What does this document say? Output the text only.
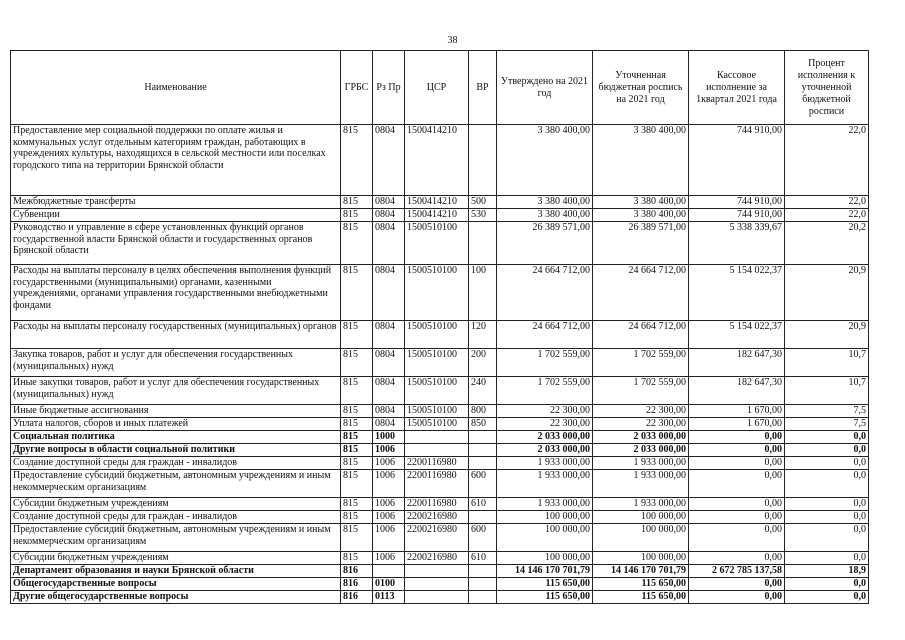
38
Наименование	ГРБС	Рз Пр	ЦСР	ВР	Утверждено на 2021 год	Уточненная бюджетная роспись на 2021 год	Кассовое исполнение за 1квартал 2021 года	Процент исполнения к уточненной бюджетной росписи
Предоставление мер социальной поддержки по оплате жилья и коммунальных услуг отдельным категориям граждан, работающих в учреждениях культуры, находящихся в сельской местности или поселках городского типа на территории Брянской области	815	0804	1500414210		3 380 400,00	3 380 400,00	744 910,00	22,0
Межбюджетные трансферты	815	0804	1500414210	500	3 380 400,00	3 380 400,00	744 910,00	22,0
Субвенции	815	0804	1500414210	530	3 380 400,00	3 380 400,00	744 910,00	22,0
Руководство и управление в сфере установленных функций органов государственной власти Брянской области и государственных органов Брянской области	815	0804	1500510100		26 389 571,00	26 389 571,00	5 338 339,67	20,2
Расходы на выплаты персоналу в целях обеспечения выполнения функций государственными (муниципальными) органами, казенными учреждениями, органами управления государственными внебюджетными фондами	815	0804	1500510100	100	24 664 712,00	24 664 712,00	5 154 022,37	20,9
Расходы на выплаты персоналу государственных (муниципальных) органов	815	0804	1500510100	120	24 664 712,00	24 664 712,00	5 154 022,37	20,9
Закупка товаров, работ и услуг для обеспечения государственных (муниципальных) нужд	815	0804	1500510100	200	1 702 559,00	1 702 559,00	182 647,30	10,7
Иные закупки товаров, работ и услуг для обеспечения государственных (муниципальных) нужд	815	0804	1500510100	240	1 702 559,00	1 702 559,00	182 647,30	10,7
Иные бюджетные ассигнования	815	0804	1500510100	800	22 300,00	22 300,00	1 670,00	7,5
Уплата налогов, сборов и иных платежей	815	0804	1500510100	850	22 300,00	22 300,00	1 670,00	7,5
Социальная политика	815	1000			2 033 000,00	2 033 000,00	0,00	0,0
Другие вопросы в области социальной политики	815	1006			2 033 000,00	2 033 000,00	0,00	0,0
Создание доступной среды для граждан - инвалидов	815	1006	2200116980		1 933 000,00	1 933 000,00	0,00	0,0
Предоставление субсидий бюджетным, автономным учреждениям и иным некоммерческим организациям	815	1006	2200116980	600	1 933 000,00	1 933 000,00	0,00	0,0
Субсидии бюджетным учреждениям	815	1006	2200116980	610	1 933 000,00	1 933 000,00	0,00	0,0
Создание доступной среды для граждан - инвалидов	815	1006	2200216980		100 000,00	100 000,00	0,00	0,0
Предоставление субсидий бюджетным, автономным учреждениям и иным некоммерческим организациям	815	1006	2200216980	600	100 000,00	100 000,00	0,00	0,0
Субсидии бюджетным учреждениям	815	1006	2200216980	610	100 000,00	100 000,00	0,00	0,0
Департамент образования и науки Брянской области	816				14 146 170 701,79	14 146 170 701,79	2 672 785 137,58	18,9
Общегосударственные вопросы	816	0100			115 650,00	115 650,00	0,00	0,0
Другие общегосударственные вопросы	816	0113			115 650,00	115 650,00	0,00	0,0
